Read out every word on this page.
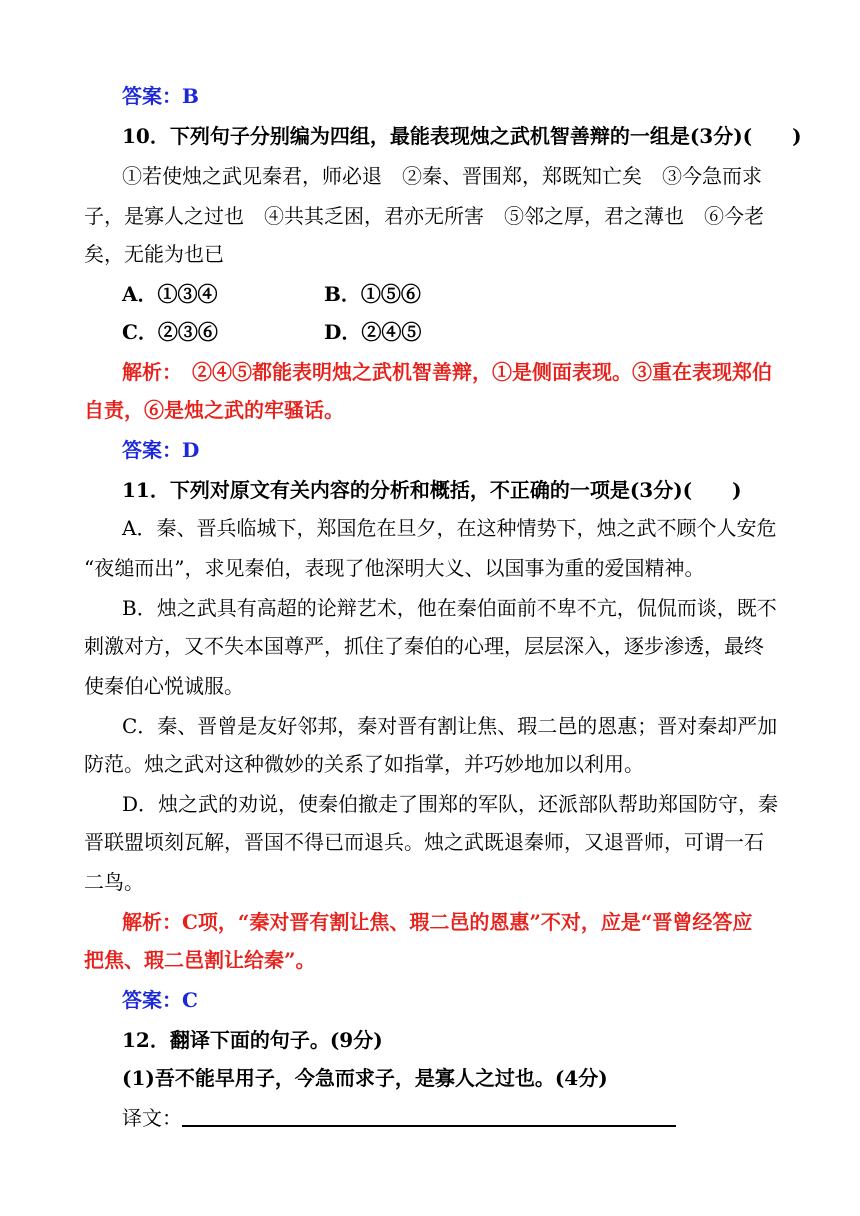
答案：B
10．下列句子分别编为四组，最能表现烛之武机智善辩的一组是(3分)( )
①若使烛之武见秦君，师必退　②秦、晋围郑，郑既知亡矣　③今急而求
子，是寡人之过也　④共其乏困，君亦无所害　⑤邻之厚，君之薄也　⑥今老
矣，无能为也已
A．①③④	B．①⑤⑥
C．②③⑥	D．②④⑤
解析：　②④⑤都能表明烛之武机智善辩，①是侧面表现。③重在表现郑伯
自责，⑥是烛之武的牢骚话。
答案：D
11．下列对原文有关内容的分析和概括，不正确的一项是(3分)( )
A．秦、晋兵临城下，郑国危在旦夕，在这种情势下，烛之武不顾个人安危
“夜缒而出”，求见秦伯，表现了他深明大义、以国事为重的爱国精神。
B．烛之武具有高超的论辩艺术，他在秦伯面前不卑不亢，侃侃而谈，既不
刺激对方，又不失本国尊严，抓住了秦伯的心理，层层深入，逐步渗透，最终
使秦伯心悦诚服。
C．秦、晋曾是友好邻邦，秦对晋有割让焦、瑕二邑的恩惠；晋对秦却严加
防范。烛之武对这种微妙的关系了如指掌，并巧妙地加以利用。
D．烛之武的劝说，使秦伯撤走了围郑的军队，还派部队帮助郑国防守，秦
晋联盟顷刻瓦解，晋国不得已而退兵。烛之武既退秦师，又退晋师，可谓一石
二鸟。
解析：C项，“秦对晋有割让焦、瑕二邑的恩惠”不对，应是“晋曾经答应
把焦、瑕二邑割让给秦”。
答案：C
12．翻译下面的句子。(9分)
(1)吾不能早用子，今急而求子，是寡人之过也。(4分)
译文：
